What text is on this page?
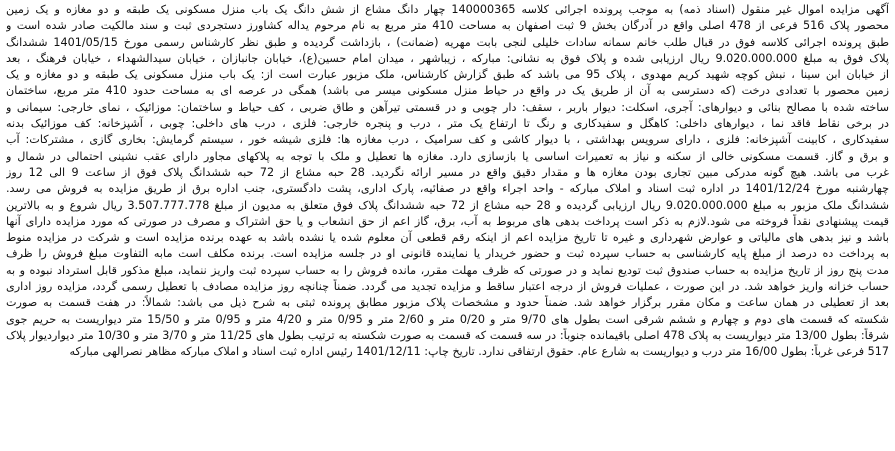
آگهی مزایده اموال غیر منقول (اسناد ذمه) به موجب پرونده اجرائی کلاسه 140000365 چهار دانگ مشاع از شش دانگ یک باب منزل مسکونی یک طبقه و دو مغازه و یک زمین
محصور پلاک 516 فرعی از 478 اصلی واقع در آدرگان بخش 9 ثبت اصفهان به مساحت 410 متر مربع به نام مرحوم یداله کشاورز دستجردی ثبت و سند مالکیت صادر شده است و
طبق پرونده اجرائی کلاسه فوق در قبال طلب خانم سمانه سادات خلیلی لنجی بابت مهریه (ضمانت) ، بازداشت گردیده و طبق نظر کارشناس رسمی مورخ 1401/05/15 ششدانگ
پلاک فوق به مبلغ 9.020.000.000 ریال ارزیابی شده و پلاک فوق به نشانی: مبارکه ، زیباشهر ، میدان امام حسین(ع)، خیابان جانبازان ، خیابان سیدالشهداء ، خیابان فرهنگ ، بعد
از خیابان ابن سینا ، نبش کوچه شهید کریم مهدوی ، پلاک 95 می باشد که طبق گزارش کارشناس، ملک مزبور عبارت است از: یک باب منزل مسکونی یک طبقه و دو مغازه و یک
زمین محصور با تعدادی درخت (که دسترسی به آن از طریق یک در واقع در حیاط منزل مسکونی میسر می باشد) همگی در عرصه ای به مساحت حدود 410 متر مربع، ساختمان
ساخته شده با مصالح بنائی و دیوارهای: آجری، اسکلت: دیوار باربر ، سقف: دار چوبی و در قسمتی تیرآهن و طاق ضربی ، کف حیاط و ساختمان: موزائیک ، نمای خارجی: سیمانی و
در برخی نقاط فاقد نما ، دیوارهای داخلی: کاهگل و سفیدکاری و رنگ تا ارتفاع یک متر ، درب و پنجره خارجی: فلزی ، درب های داخلی: چوبی ، آشپزخانه: کف موزائیک بدنه
سفیدکاری ، کابینت آشپزخانه: فلزی ، دارای سرویس بهداشتی ، با دیوار کاشی و کف سرامیک ، درب مغازه ها: فلزی شیشه خور ، سیستم گرمایش: بخاری گازی ، مشترکات: آب
و برق و گاز. قسمت مسکونی خالی از سکنه و نیاز به تعمیرات اساسی یا بازسازی دارد. مغازه ها تعطیل و ملک با توجه به پلاکهای مجاور دارای عقب نشینی احتمالی در شمال و
غرب می باشد. هیچ گونه مدرکی مبین تجاری بودن مغازه ها و مقدار دقیق واقع در مسیر ارائه نگردید. 28 حبه مشاع از 72 حبه ششدانگ پلاک فوق از ساعت 9 الی 12 روز
چهارشنبه مورخ 1401/12/24 در اداره ثبت اسناد و املاک مبارکه - واحد اجراء واقع در صفائیه، پارک اداری، پشت دادگستری، جنب اداره برق از طریق مزایده به فروش می رسد.
ششدانگ ملک مزبور به مبلغ 9.020.000.000 ریال ارزیابی گردیده و 28 حبه مشاع از 72 حبه ششدانگ پلاک فوق متعلق به مدیون از مبلغ 3.507.777.778 ریال شروع و به بالاترین
قیمت پیشنهادی نقداً فروخته می شود.لازم به ذکر است پرداخت بدهی های مربوط به آب، برق، گاز اعم از حق انشعاب و یا حق اشتراک و مصرف در صورتی که مورد مزایده دارای آنها
باشد و نیز بدهی های مالیاتی و عوارض شهرداری و غیره تا تاریخ مزایده اعم از اینکه رقم قطعی آن معلوم شده یا نشده باشد به عهده برنده مزایده است و شرکت در مزایده منوط
به پرداخت ده درصد از مبلغ پایه کارشناسی به حساب سپرده ثبت و حضور خریدار یا نماینده قانونی او در جلسه مزایده است. برنده مکلف است مابه التفاوت مبلغ فروش را ظرف
مدت پنج روز از تاریخ مزایده به حساب صندوق ثبت تودیع نماید و در صورتی که ظرف مهلت مقرر، مانده فروش را به حساب سپرده ثبت واریز ننماید، مبلغ مذکور قابل استرداد نبوده و به
حساب خزانه واریز خواهد شد. در این صورت ، عملیات فروش از درجه اعتبار ساقط و مزایده تجدید می گردد. ضمناً چنانچه روز مزایده مصادف با تعطیل رسمی گردد، مزایده روز اداری
بعد از تعطیلی در همان ساعت و مکان مقرر برگزار خواهد شد. ضمناً حدود و مشخصات پلاک مزبور مطابق پرونده ثبتی به شرح ذیل می باشد: شمالاً: در هفت قسمت به صورت
شکسته که قسمت های دوم و چهارم و ششم شرقی است بطول های 9/70 متر و 0/20 متر و 2/60 متر و 0/95 متر و 4/20 متر و 0/95 متر و 15/50 متر دیواریست به حریم جوی
شرقاً: بطول 13/00 متر دیواریست به پلاک 478 اصلی باقیمانده جنوباً: در سه قسمت که قسمت به صورت شکسته به ترتیب بطول های 11/25 متر و 3/70 متر و 10/30 متر دیواردیوار پلاک
517 فرعی غرباً: بطول 16/00 متر درب و دیواریست به شارع عام. حقوق ارتفاقی ندارد. تاریخ چاپ: 1401/12/11 رئیس اداره ثبت اسناد و املاک مبارکه مظاهر نصرالهی مبارکه
